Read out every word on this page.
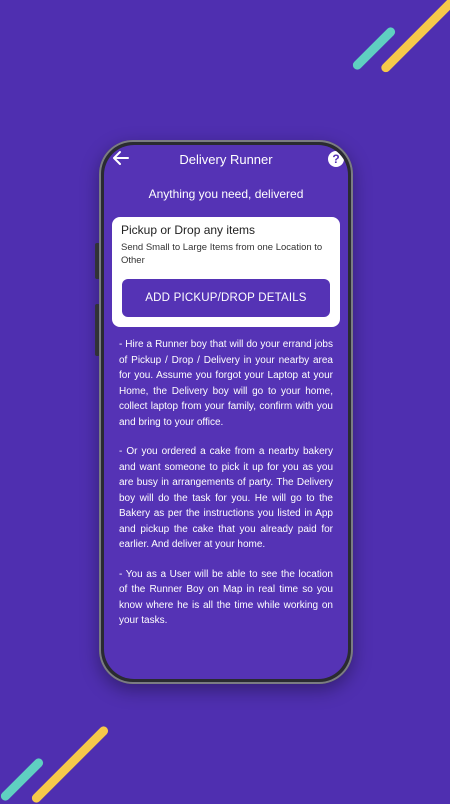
Delivery Runner	?
Anything you need, delivered
Pickup or Drop any items
Send Small to Large Items from one Location to Other
ADD PICKUP/DROP DETAILS

- Hire a Runner boy that will do your errand jobs of Pickup / Drop / Delivery in your nearby area for you. Assume you forgot your Laptop at your Home, the Delivery boy will go to your home, collect laptop from your family, confirm with you and bring to your office.

- Or you ordered a cake from a nearby bakery and want someone to pick it up for you as you are busy in arrangements of party. The Delivery boy will do the task for you. He will go to the Bakery as per the instructions you listed in App and pickup the cake that you already paid for earlier. And deliver at your home.

- You as a User will be able to see the location of the Runner Boy on Map in real time so you know where he is all the time while working on your tasks.
